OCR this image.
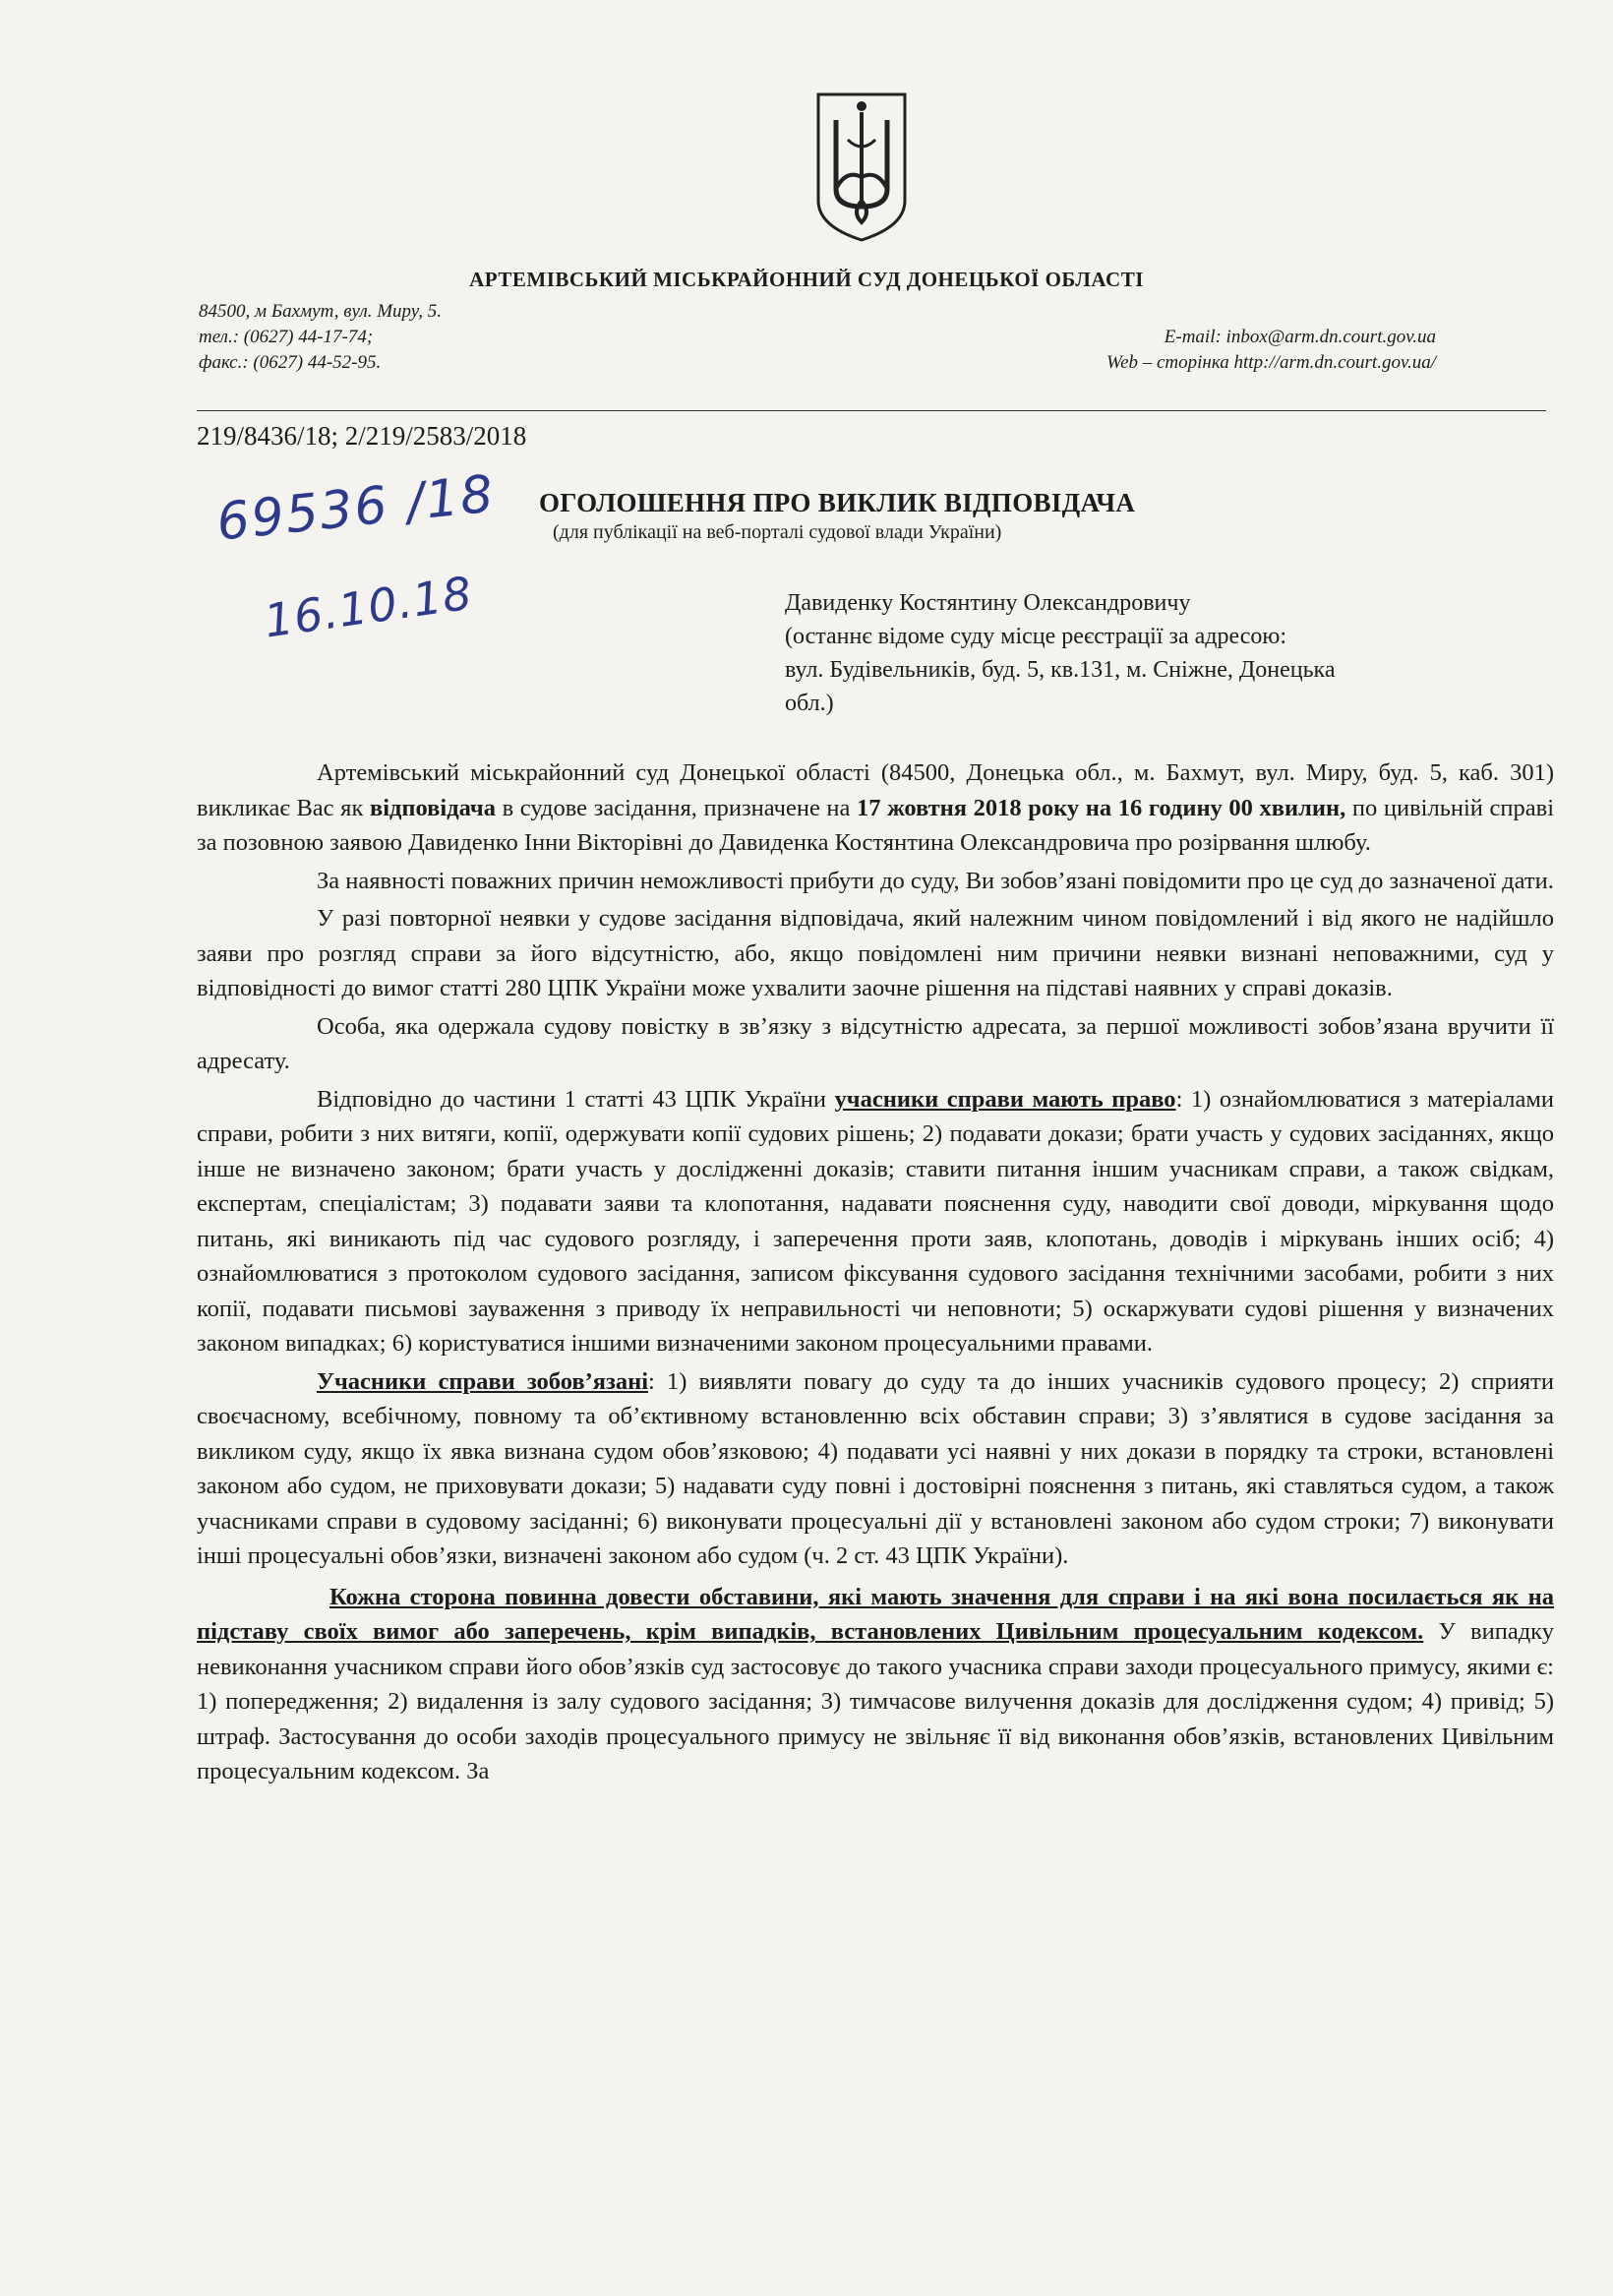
АРТЕМІВСЬКИЙ МІСЬКРАЙОННИЙ СУД ДОНЕЦЬКОЇ ОБЛАСТІ
84500, м Бахмут, вул. Миру, 5.
тел.: (0627) 44-17-74;
факс.: (0627) 44-52-95.
E-mail: inbox@arm.dn.court.gov.ua
Web – сторінка http://arm.dn.court.gov.ua/
219/8436/18; 2/219/2583/2018
69536 /18
16.10.18
ОГОЛОШЕННЯ ПРО ВИКЛИК ВІДПОВІДАЧА
(для публікації на веб-порталі судової влади України)
Давиденку Костянтину Олександровичу
(останнє відоме суду місце реєстрації за адресою:
вул. Будівельників, буд. 5, кв.131, м. Сніжне, Донецька
обл.)

Артемівський міськрайонний суд Донецької області (84500, Донецька обл., м. Бахмут, вул. Миру, буд. 5, каб. 301) викликає Вас як відповідача в судове засідання, призначене на 17 жовтня 2018 року на 16 годину 00 хвилин, по цивільній справі за позовною заявою Давиденко Інни Вікторівні до Давиденка Костянтина Олександровича про розірвання шлюбу.

За наявності поважних причин неможливості прибути до суду, Ви зобов’язані повідомити про це суд до зазначеної дати.

У разі повторної неявки у судове засідання відповідача, який належним чином повідомлений і від якого не надійшло заяви про розгляд справи за його відсутністю, або, якщо повідомлені ним причини неявки визнані неповажними, суд у відповідності до вимог статті 280 ЦПК України може ухвалити заочне рішення на підставі наявних у справі доказів.

Особа, яка одержала судову повістку в зв’язку з відсутністю адресата, за першої можливості зобов’язана вручити її адресату.

Відповідно до частини 1 статті 43 ЦПК України учасники справи мають право: 1) ознайомлюватися з матеріалами справи, робити з них витяги, копії, одержувати копії судових рішень; 2) подавати докази; брати участь у судових засіданнях, якщо інше не визначено законом; брати участь у дослідженні доказів; ставити питання іншим учасникам справи, а також свідкам, експертам, спеціалістам; 3) подавати заяви та клопотання, надавати пояснення суду, наводити свої доводи, міркування щодо питань, які виникають під час судового розгляду, і заперечення проти заяв, клопотань, доводів і міркувань інших осіб; 4) ознайомлюватися з протоколом судового засідання, записом фіксування судового засідання технічними засобами, робити з них копії, подавати письмові зауваження з приводу їх неправильності чи неповноти; 5) оскаржувати судові рішення у визначених законом випадках; 6) користуватися іншими визначеними законом процесуальними правами.

Учасники справи зобов’язані: 1) виявляти повагу до суду та до інших учасників судового процесу; 2) сприяти своєчасному, всебічному, повному та об’єктивному встановленню всіх обставин справи; 3) з’являтися в судове засідання за викликом суду, якщо їх явка визнана судом обов’язковою; 4) подавати усі наявні у них докази в порядку та строки, встановлені законом або судом, не приховувати докази; 5) надавати суду повні і достовірні пояснення з питань, які ставляться судом, а також учасниками справи в судовому засіданні; 6) виконувати процесуальні дії у встановлені законом або судом строки; 7) виконувати інші процесуальні обов’язки, визначені законом або судом (ч. 2 ст. 43 ЦПК України).

Кожна сторона повинна довести обставини, які мають значення для справи і на які вона посилається як на підставу своїх вимог або заперечень, крім випадків, встановлених Цивільним процесуальним кодексом. У випадку невиконання учасником справи його обов’язків суд застосовує до такого учасника справи заходи процесуального примусу, якими є: 1) попередження; 2) видалення із залу судового засідання; 3) тимчасове вилучення доказів для дослідження судом; 4) привід; 5) штраф. Застосування до особи заходів процесуального примусу не звільняє її від виконання обов’язків, встановлених Цивільним процесуальним кодексом. За
